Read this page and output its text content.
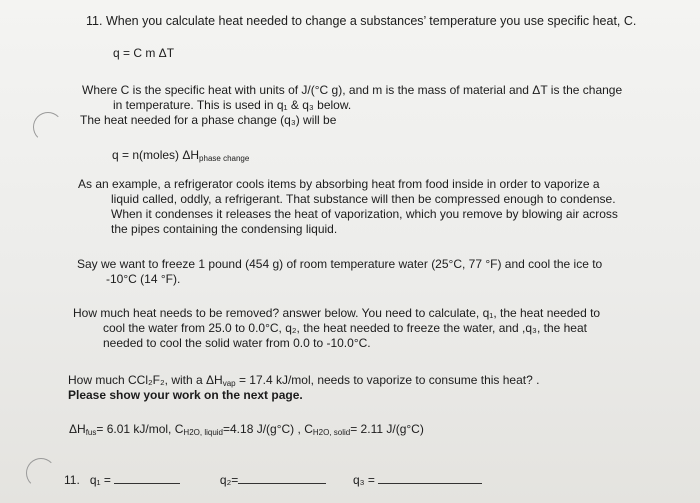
11. When you calculate heat needed to change a substances’ temperature you use specific heat, C.
q = C m ΔT
Where C is the specific heat with units of J/(°C g), and m is the mass of material and ΔT is the change
in temperature. This is used in q₁ & q₃ below.
The heat needed for a phase change (q₃) will be
q = n(moles) $\Delta H_{phase change}$
As an example, a refrigerator cools items by absorbing heat from food inside in order to vaporize a
liquid called, oddly, a refrigerant. That substance will then be compressed enough to condense.
When it condenses it releases the heat of vaporization, which you remove by blowing air across
the pipes containing the condensing liquid.
Say we want to freeze 1 pound (454 g) of room temperature water (25°C, 77 °F) and cool the ice to
-10°C (14 °F).
How much heat needs to be removed? answer below. You need to calculate, q₁, the heat needed to
cool the water from 25.0 to 0.0°C, q₂, the heat needed to freeze the water, and ,q₃, the heat
needed to cool the solid water from 0.0 to -10.0°C.
How much CCl₂F₂, with a $\Delta H_{vap} = 17.4$ kJ/mol, needs to vaporize to consume this heat? .
Please show your work on the next page.
$\Delta H_{fus}= 6.01$ kJ/mol, $C_{H2O, liquid}=4.18$ J/(g°C) , $C_{H2O, solid}= 2.11$ J/(g°C)
11. q₁ =	q₂=	q₃ =
